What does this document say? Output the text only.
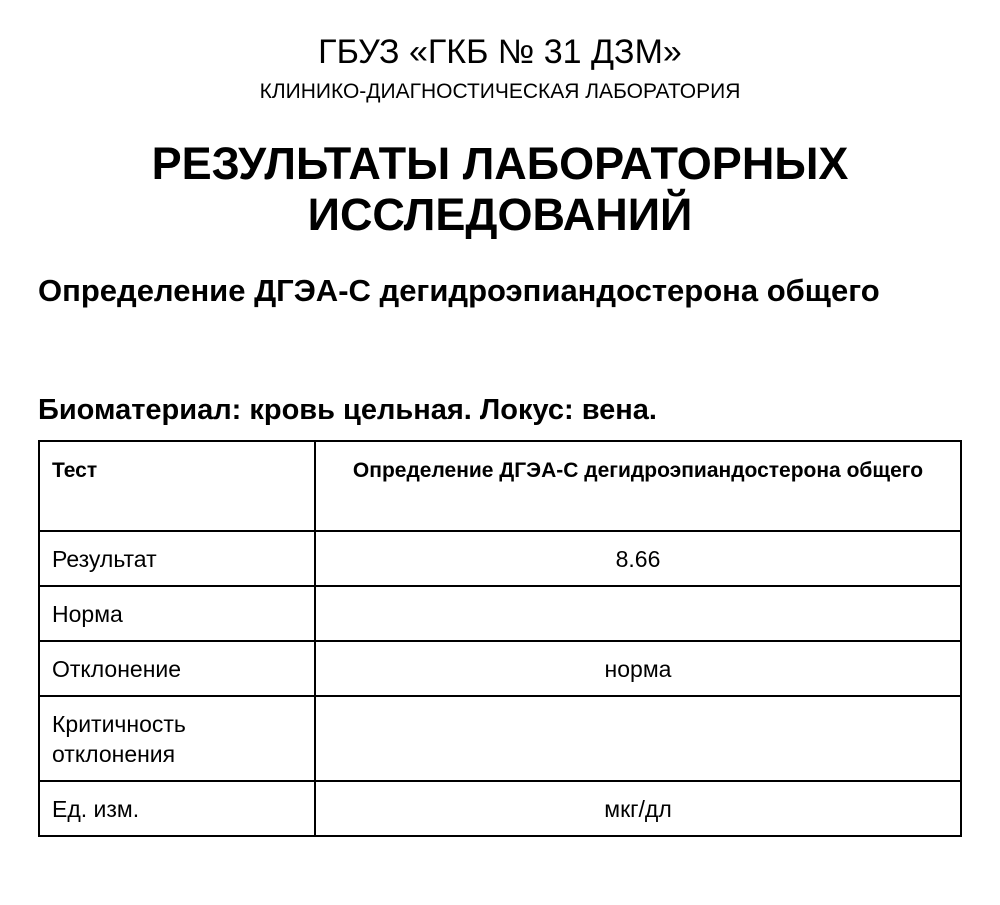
ГБУЗ «ГКБ № 31 ДЗМ»
КЛИНИКО-ДИАГНОСТИЧЕСКАЯ ЛАБОРАТОРИЯ
РЕЗУЛЬТАТЫ ЛАБОРАТОРНЫХ ИССЛЕДОВАНИЙ
Определение ДГЭА-С дегидроэпиандостерона общего
Биоматериал: кровь цельная. Локус: вена.
Тест	Определение ДГЭА-С дегидроэпиандостерона общего
Результат	8.66
Норма	
Отклонение	норма
Критичность отклонения	
Ед. изм.	мкг/дл
